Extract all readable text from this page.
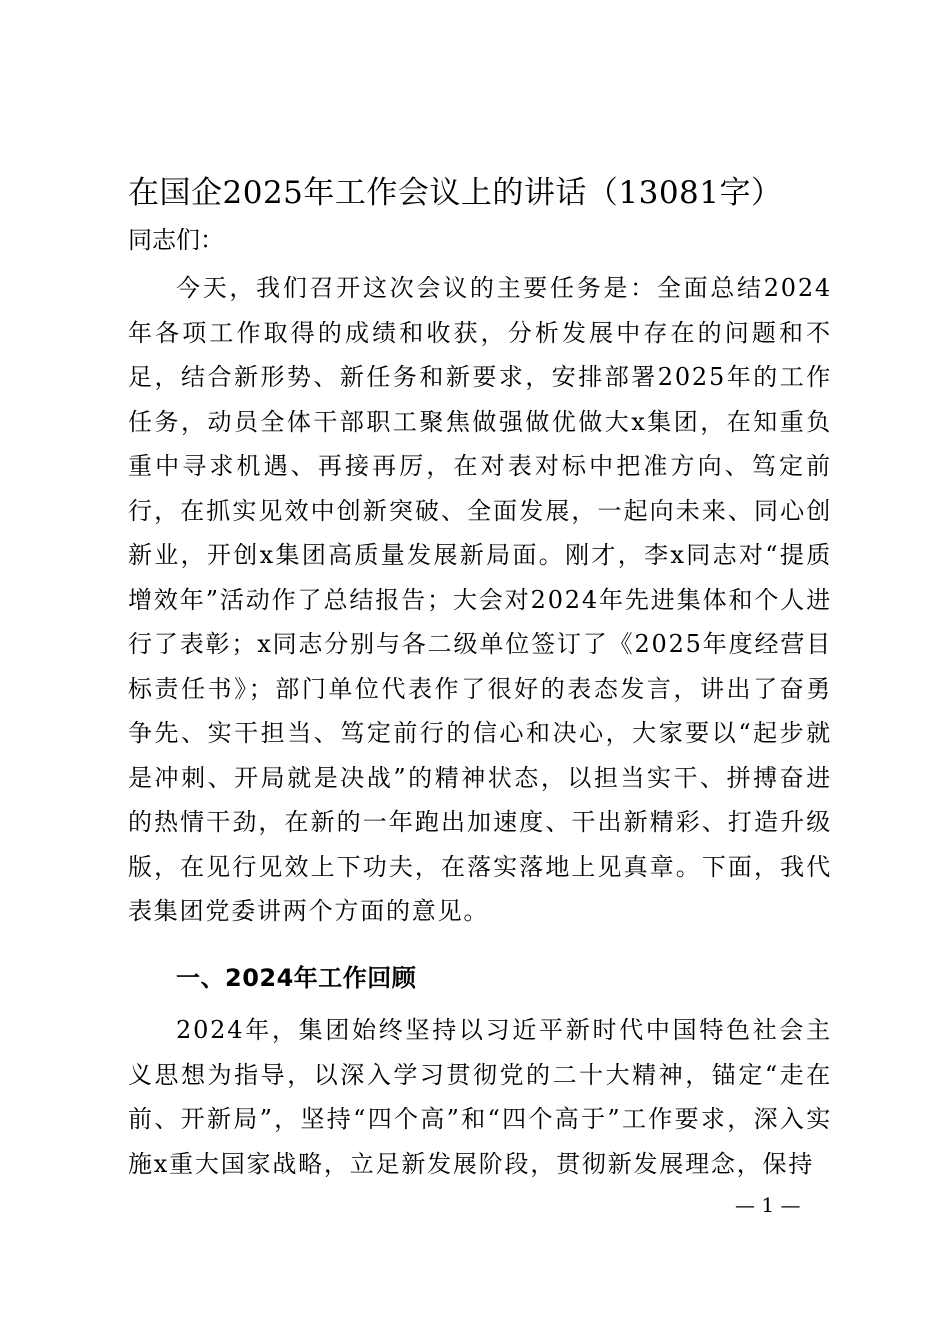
在国企2025年工作会议上的讲话（13081字）
同志们：

今天，我们召开这次会议的主要任务是：全面总结2024年各项工作取得的成绩和收获，分析发展中存在的问题和不足，结合新形势、新任务和新要求，安排部署2025年的工作任务，动员全体干部职工聚焦做强做优做大x集团，在知重负重中寻求机遇、再接再厉，在对表对标中把准方向、笃定前行，在抓实见效中创新突破、全面发展，一起向未来、同心创新业，开创x集团高质量发展新局面。刚才，李x同志对“提质增效年”活动作了总结报告；大会对2024年先进集体和个人进行了表彰；x同志分别与各二级单位签订了《2025年度经营目标责任书》；部门单位代表作了很好的表态发言，讲出了奋勇争先、实干担当、笃定前行的信心和决心，大家要以“起步就是冲刺、开局就是决战”的精神状态，以担当实干、拼搏奋进的热情干劲，在新的一年跑出加速度、干出新精彩、打造升级版，在见行见效上下功夫，在落实落地上见真章。下面，我代表集团党委讲两个方面的意见。

一、2024年工作回顾

2024年，集团始终坚持以习近平新时代中国特色社会主义思想为指导，以深入学习贯彻党的二十大精神，锚定“走在前、开新局”，坚持“四个高”和“四个高于”工作要求，深入实施x重大国家战略，立足新发展阶段，贯彻新发展理念，保持

— 1 —
